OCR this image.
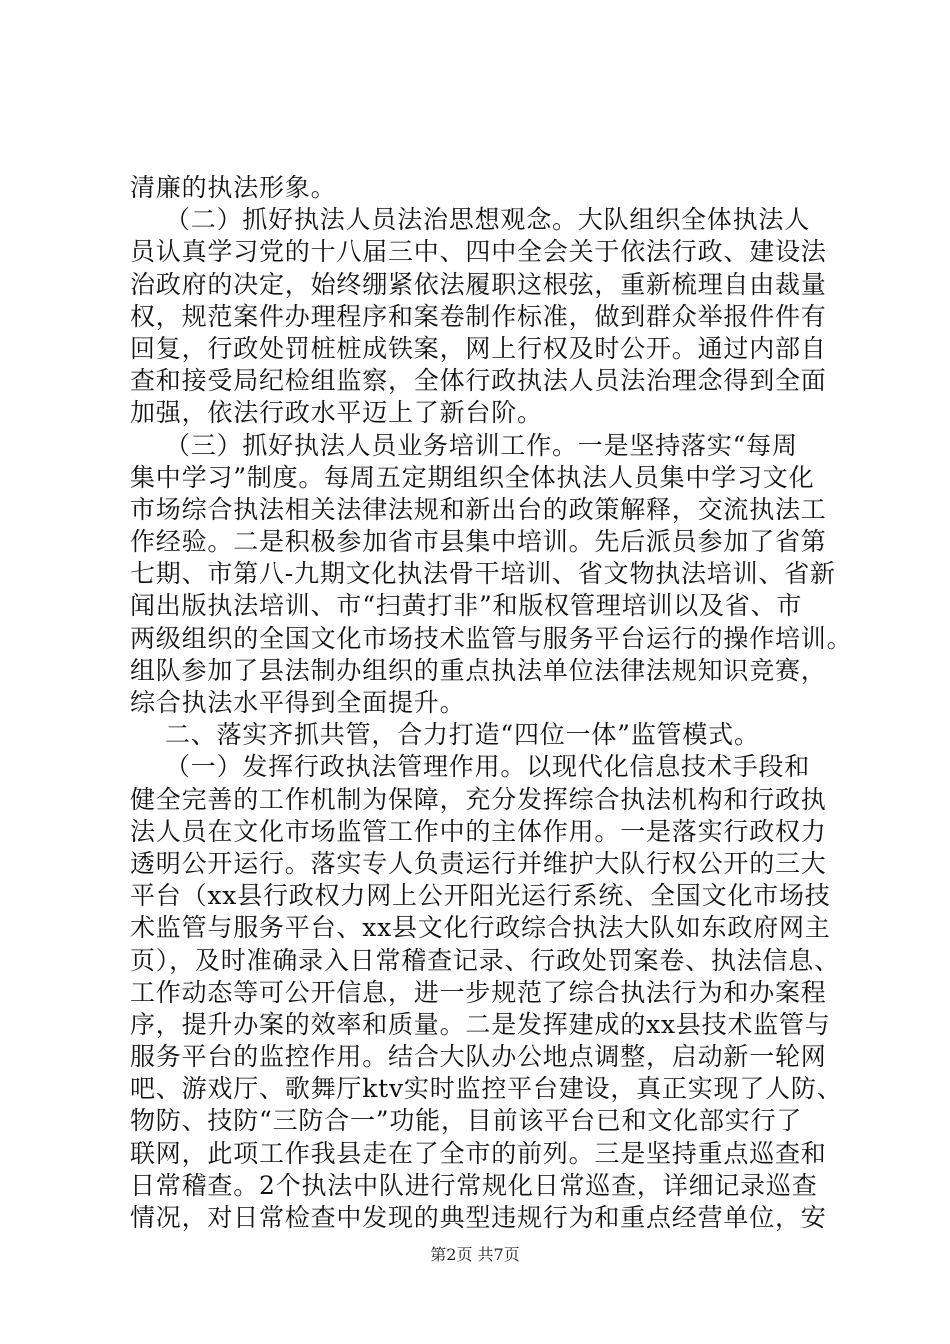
清廉的执法形象。
（二）抓好执法人员法治思想观念。大队组织全体执法人
员认真学习党的十八届三中、四中全会关于依法行政、建设法
治政府的决定，始终绷紧依法履职这根弦，重新梳理自由裁量
权，规范案件办理程序和案卷制作标准，做到群众举报件件有
回复，行政处罚桩桩成铁案，网上行权及时公开。通过内部自
查和接受局纪检组监察，全体行政执法人员法治理念得到全面
加强，依法行政水平迈上了新台阶。
（三）抓好执法人员业务培训工作。一是坚持落实“每周
集中学习”制度。每周五定期组织全体执法人员集中学习文化
市场综合执法相关法律法规和新出台的政策解释，交流执法工
作经验。二是积极参加省市县集中培训。先后派员参加了省第
七期、市第八-九期文化执法骨干培训、省文物执法培训、省新
闻出版执法培训、市“扫黄打非”和版权管理培训以及省、市
两级组织的全国文化市场技术监管与服务平台运行的操作培训。
组队参加了县法制办组织的重点执法单位法律法规知识竞赛，
综合执法水平得到全面提升。
二、落实齐抓共管，合力打造“四位一体”监管模式。
（一）发挥行政执法管理作用。以现代化信息技术手段和
健全完善的工作机制为保障，充分发挥综合执法机构和行政执
法人员在文化市场监管工作中的主体作用。一是落实行政权力
透明公开运行。落实专人负责运行并维护大队行权公开的三大
平台（xx县行政权力网上公开阳光运行系统、全国文化市场技
术监管与服务平台、xx县文化行政综合执法大队如东政府网主
页），及时准确录入日常稽查记录、行政处罚案卷、执法信息、
工作动态等可公开信息，进一步规范了综合执法行为和办案程
序，提升办案的效率和质量。二是发挥建成的xx县技术监管与
服务平台的监控作用。结合大队办公地点调整，启动新一轮网
吧、游戏厅、歌舞厅ktv实时监控平台建设，真正实现了人防、
物防、技防“三防合一”功能，目前该平台已和文化部实行了
联网，此项工作我县走在了全市的前列。三是坚持重点巡查和
日常稽查。2个执法中队进行常规化日常巡查，详细记录巡查
情况，对日常检查中发现的典型违规行为和重点经营单位，安
第2页 共7页
